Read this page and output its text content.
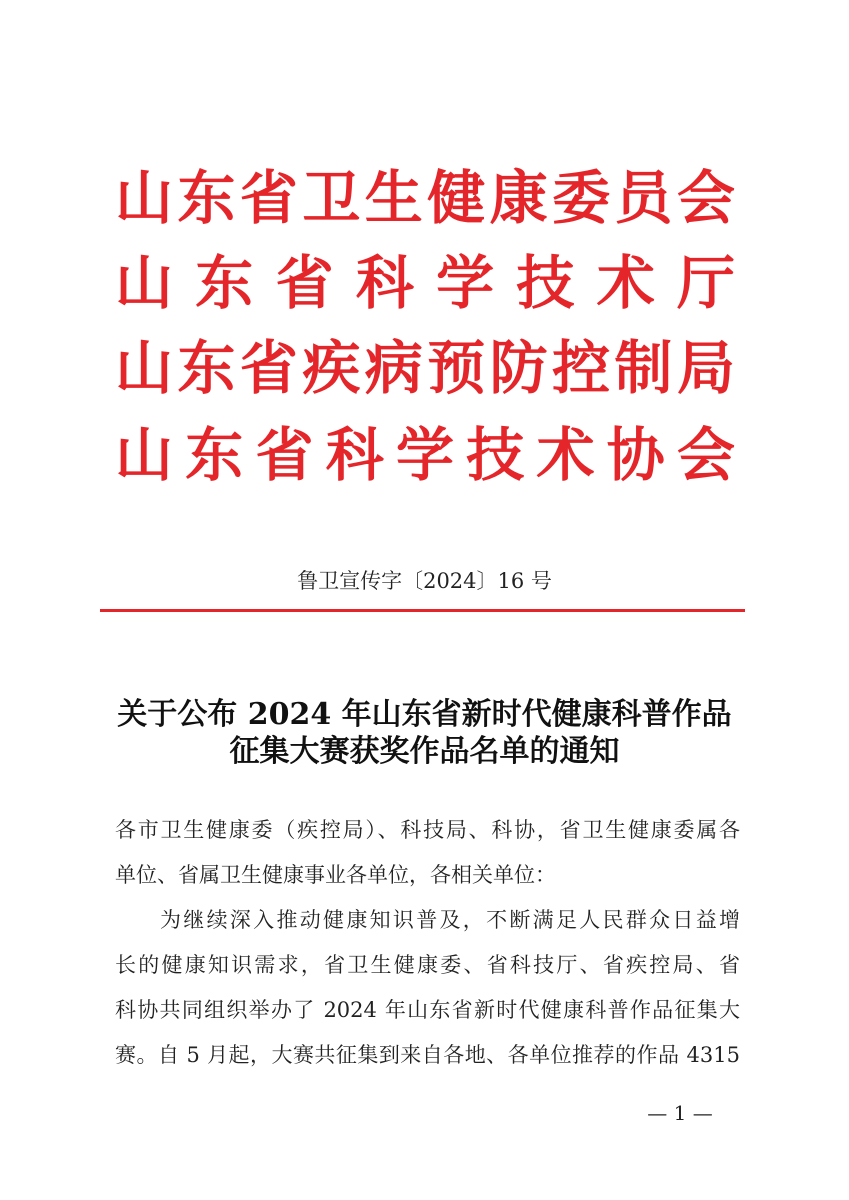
山东省卫生健康委员会
山东省科学技术厅
山东省疾病预防控制局
山东省科学技术协会
鲁卫宣传字〔2024〕16 号
关于公布 2024 年山东省新时代健康科普作品
征集大赛获奖作品名单的通知
各市卫生健康委（疾控局）、科技局、科协，省卫生健康委属各
单位、省属卫生健康事业各单位，各相关单位：
为继续深入推动健康知识普及，不断满足人民群众日益增
长的健康知识需求，省卫生健康委、省科技厅、省疾控局、省
科协共同组织举办了 2024 年山东省新时代健康科普作品征集大
赛。自 5 月起，大赛共征集到来自各地、各单位推荐的作品 4315
— 1 —
